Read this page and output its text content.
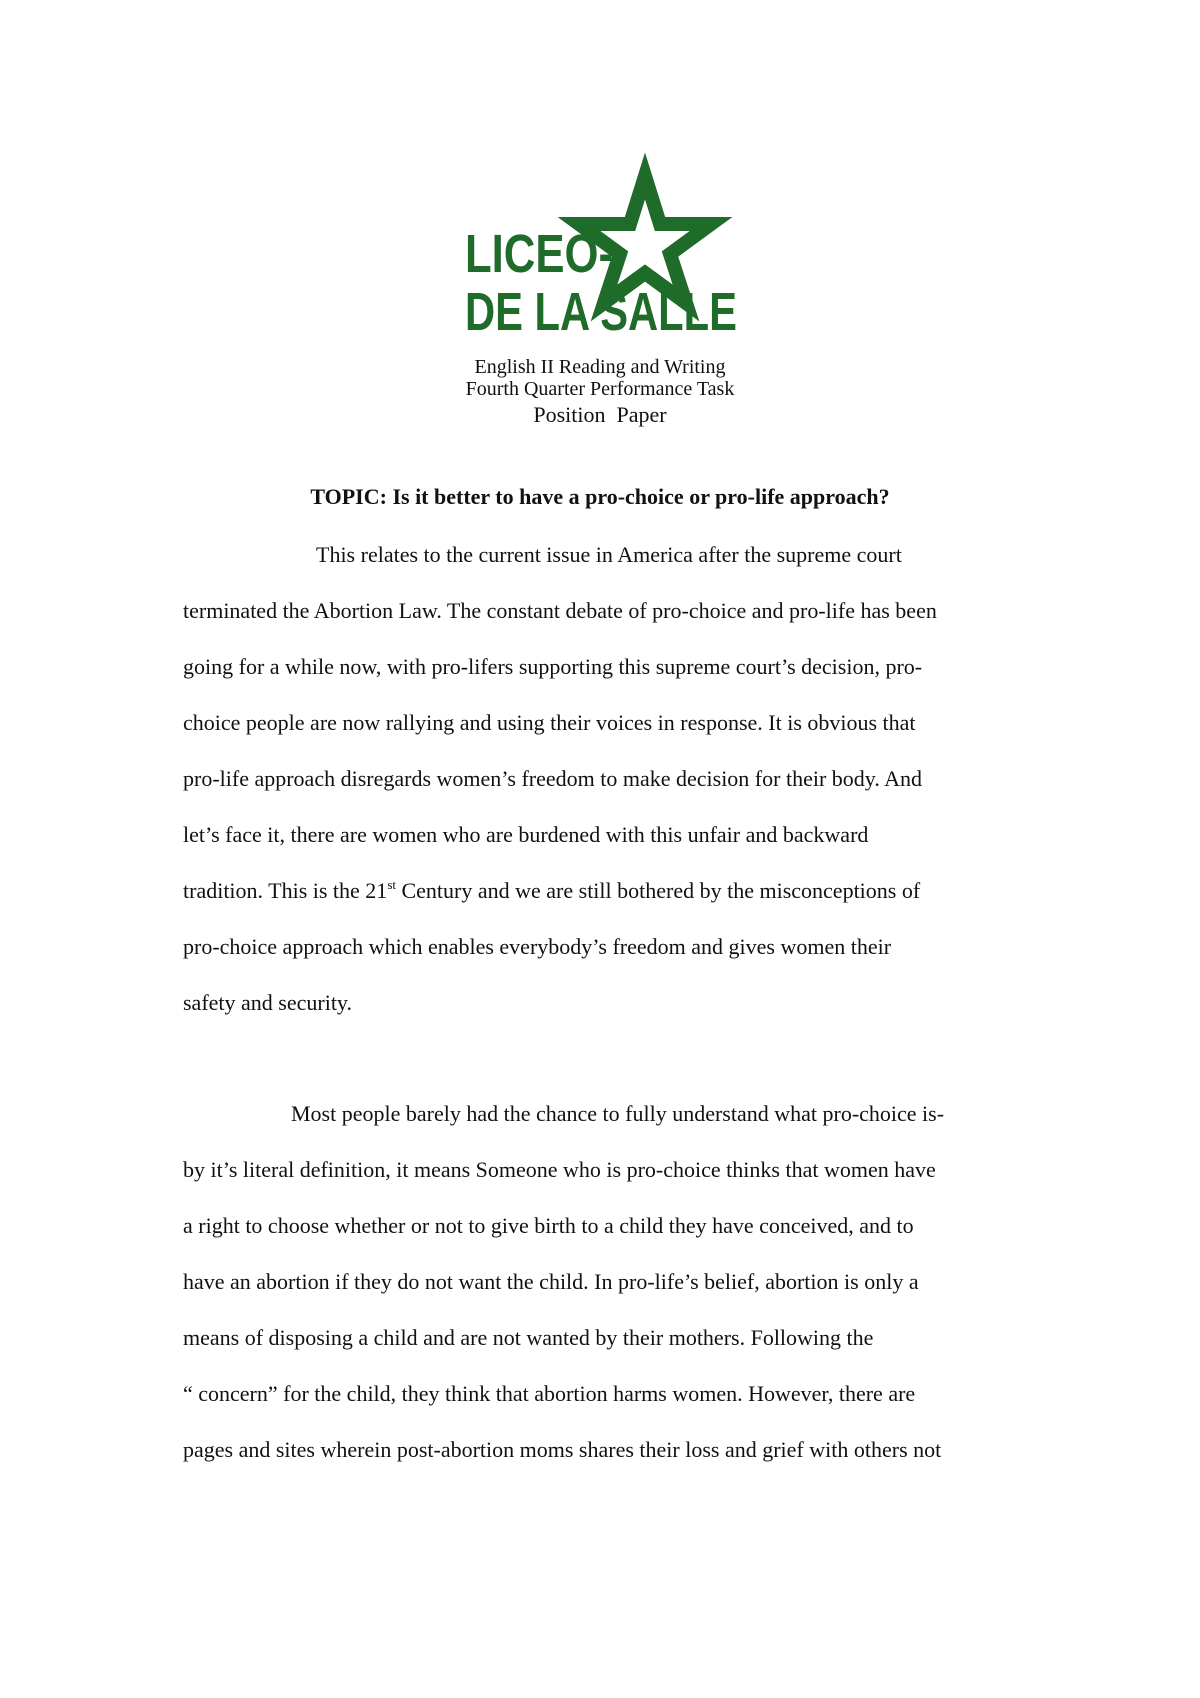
LICEO-
DE LA SALLE
English II Reading and Writing
Fourth Quarter Performance Task
Position  Paper
TOPIC: Is it better to have a pro-choice or pro-life approach?
This relates to the current issue in America after the supreme court
terminated the Abortion Law. The constant debate of pro-choice and pro-life has been
going for a while now, with pro-lifers supporting this supreme court’s decision, pro-
choice people are now rallying and using their voices in response. It is obvious that
pro-life approach disregards women’s freedom to make decision for their body. And
let’s face it, there are women who are burdened with this unfair and backward
tradition. This is the 21st Century and we are still bothered by the misconceptions of
pro-choice approach which enables everybody’s freedom and gives women their
safety and security.
Most people barely had the chance to fully understand what pro-choice is-
by it’s literal definition, it means Someone who is pro-choice thinks that women have
a right to choose whether or not to give birth to a child they have conceived, and to
have an abortion if they do not want the child. In pro-life’s belief, abortion is only a
means of disposing a child and are not wanted by their mothers. Following the
“ concern” for the child, they think that abortion harms women. However, there are
pages and sites wherein post-abortion moms shares their loss and grief with others not
